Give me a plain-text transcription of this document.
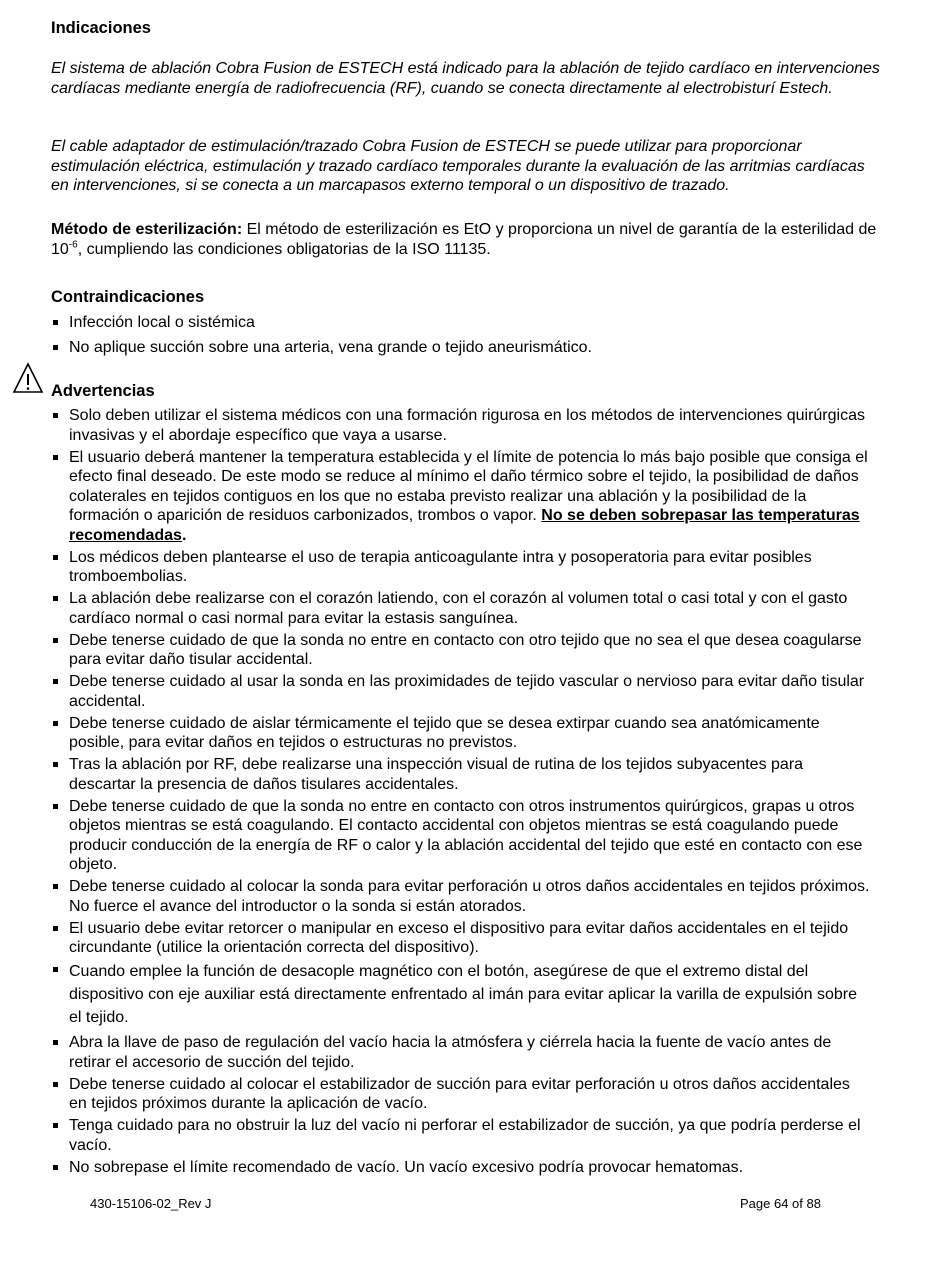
Indicaciones
El sistema de ablación Cobra Fusion de ESTECH está indicado para la ablación de tejido cardíaco en intervenciones cardíacas mediante energía de radiofrecuencia (RF), cuando se conecta directamente al electrobisturí Estech.
El cable adaptador de estimulación/trazado Cobra Fusion de ESTECH se puede utilizar para proporcionar estimulación eléctrica, estimulación y trazado cardíaco temporales durante la evaluación de las arritmias cardíacas en intervenciones, si se conecta a un marcapasos externo temporal o un dispositivo de trazado.
Método de esterilización: El método de esterilización es EtO y proporciona un nivel de garantía de la esterilidad de $10^{-6}$, cumpliendo las condiciones obligatorias de la ISO 11135.
Contraindicaciones
Infección local o sistémica
No aplique succión sobre una arteria, vena grande o tejido aneurismático.
Advertencias
Solo deben utilizar el sistema médicos con una formación rigurosa en los métodos de intervenciones quirúrgicas invasivas y el abordaje específico que vaya a usarse.
El usuario deberá mantener la temperatura establecida y el límite de potencia lo más bajo posible que consiga el efecto final deseado. De este modo se reduce al mínimo el daño térmico sobre el tejido, la posibilidad de daños colaterales en tejidos contiguos en los que no estaba previsto realizar una ablación y la posibilidad de la formación o aparición de residuos carbonizados, trombos o vapor. No se deben sobrepasar las temperaturas recomendadas.
Los médicos deben plantearse el uso de terapia anticoagulante intra y posoperatoria para evitar posibles tromboembolias.
La ablación debe realizarse con el corazón latiendo, con el corazón al volumen total o casi total y con el gasto cardíaco normal o casi normal para evitar la estasis sanguínea.
Debe tenerse cuidado de que la sonda no entre en contacto con otro tejido que no sea el que desea coagularse para evitar daño tisular accidental.
Debe tenerse cuidado al usar la sonda en las proximidades de tejido vascular o nervioso para evitar daño tisular accidental.
Debe tenerse cuidado de aislar térmicamente el tejido que se desea extirpar cuando sea anatómicamente posible, para evitar daños en tejidos o estructuras no previstos.
Tras la ablación por RF, debe realizarse una inspección visual de rutina de los tejidos subyacentes para descartar la presencia de daños tisulares accidentales.
Debe tenerse cuidado de que la sonda no entre en contacto con otros instrumentos quirúrgicos, grapas u otros objetos mientras se está coagulando. El contacto accidental con objetos mientras se está coagulando puede producir conducción de la energía de RF o calor y la ablación accidental del tejido que esté en contacto con ese objeto.
Debe tenerse cuidado al colocar la sonda para evitar perforación u otros daños accidentales en tejidos próximos. No fuerce el avance del introductor o la sonda si están atorados.
El usuario debe evitar retorcer o manipular en exceso el dispositivo para evitar daños accidentales en el tejido circundante (utilice la orientación correcta del dispositivo).
Cuando emplee la función de desacople magnético con el botón, asegúrese de que el extremo distal del dispositivo con eje auxiliar está directamente enfrentado al imán para evitar aplicar la varilla de expulsión sobre el tejido.
Abra la llave de paso de regulación del vacío hacia la atmósfera y ciérrela hacia la fuente de vacío antes de retirar el accesorio de succión del tejido.
Debe tenerse cuidado al colocar el estabilizador de succión para evitar perforación u otros daños accidentales en tejidos próximos durante la aplicación de vacío.
Tenga cuidado para no obstruir la luz del vacío ni perforar el estabilizador de succión, ya que podría perderse el vacío.
No sobrepase el límite recomendado de vacío. Un vacío excesivo podría provocar hematomas.
430-15106-02_Rev J	Page 64 of 88
